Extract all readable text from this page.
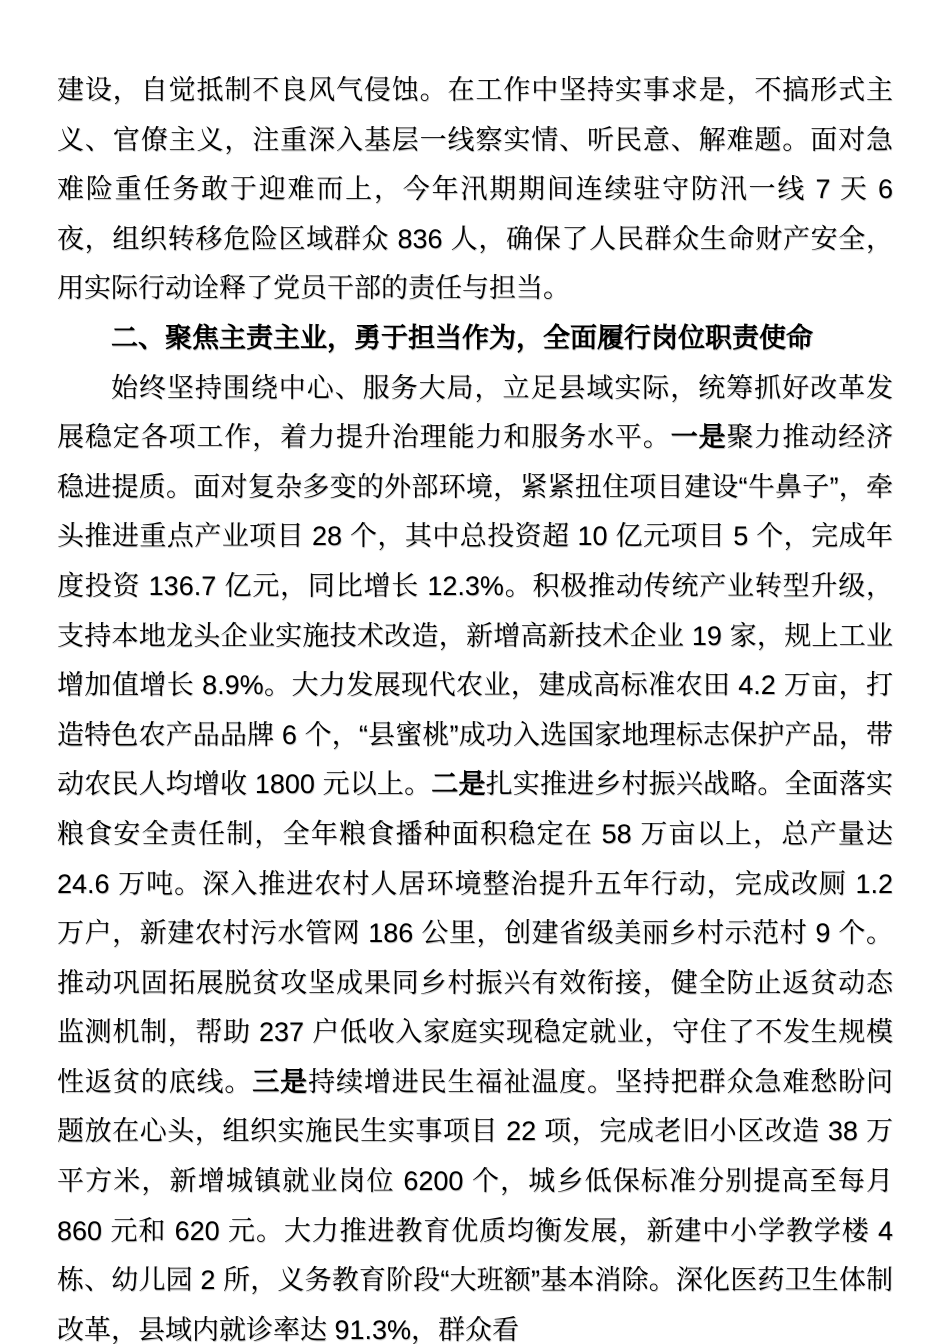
建设，自觉抵制不良风气侵蚀。在工作中坚持实事求是，不搞形式主义、官僚主义，注重深入基层一线察实情、听民意、解难题。面对急难险重任务敢于迎难而上，今年汛期期间连续驻守防汛一线 7 天 6 夜，组织转移危险区域群众 836 人，确保了人民群众生命财产安全，用实际行动诠释了党员干部的责任与担当。

二、聚焦主责主业，勇于担当作为，全面履行岗位职责使命

始终坚持围绕中心、服务大局，立足县域实际，统筹抓好改革发展稳定各项工作，着力提升治理能力和服务水平。一是聚力推动经济稳进提质。面对复杂多变的外部环境，紧紧扭住项目建设“牛鼻子”，牵头推进重点产业项目 28 个，其中总投资超 10 亿元项目 5 个，完成年度投资 136.7 亿元，同比增长 12.3%。积极推动传统产业转型升级，支持本地龙头企业实施技术改造，新增高新技术企业 19 家，规上工业增加值增长 8.9%。大力发展现代农业，建成高标准农田 4.2 万亩，打造特色农产品品牌 6 个，“县蜜桃”成功入选国家地理标志保护产品，带动农民人均增收 1800 元以上。二是扎实推进乡村振兴战略。全面落实粮食安全责任制，全年粮食播种面积稳定在 58 万亩以上，总产量达 24.6 万吨。深入推进农村人居环境整治提升五年行动，完成改厕 1.2 万户，新建农村污水管网 186 公里，创建省级美丽乡村示范村 9 个。推动巩固拓展脱贫攻坚成果同乡村振兴有效衔接，健全防止返贫动态监测机制，帮助 237 户低收入家庭实现稳定就业，守住了不发生规模性返贫的底线。三是持续增进民生福祉温度。坚持把群众急难愁盼问题放在心头，组织实施民生实事项目 22 项，完成老旧小区改造 38 万平方米，新增城镇就业岗位 6200 个，城乡低保标准分别提高至每月 860 元和 620 元。大力推进教育优质均衡发展，新建中小学教学楼 4 栋、幼儿园 2 所，义务教育阶段“大班额”基本消除。深化医药卫生体制改革，县域内就诊率达 91.3%，群众看
